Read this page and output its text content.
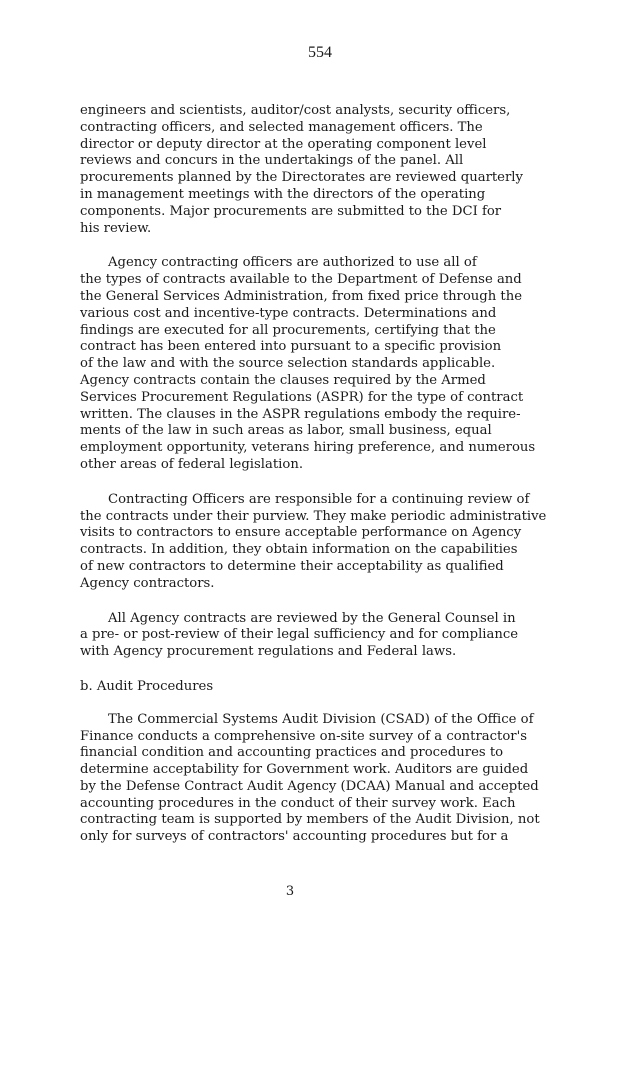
554

engineers and scientists, auditor/cost analysts, security officers,
contracting officers, and selected management officers. The
director or deputy director at the operating component level
reviews and concurs in the undertakings of the panel. All
procurements planned by the Directorates are reviewed quarterly
in management meetings with the directors of the operating
components. Major procurements are submitted to the DCI for
his review.

Agency contracting officers are authorized to use all of
the types of contracts available to the Department of Defense and
the General Services Administration, from fixed price through the
various cost and incentive-type contracts. Determinations and
findings are executed for all procurements, certifying that the
contract has been entered into pursuant to a specific provision
of the law and with the source selection standards applicable.
Agency contracts contain the clauses required by the Armed
Services Procurement Regulations (ASPR) for the type of contract
written. The clauses in the ASPR regulations embody the require-
ments of the law in such areas as labor, small business, equal
employment opportunity, veterans hiring preference, and numerous
other areas of federal legislation.

Contracting Officers are responsible for a continuing review of
the contracts under their purview. They make periodic administrative
visits to contractors to ensure acceptable performance on Agency
contracts. In addition, they obtain information on the capabilities
of new contractors to determine their acceptability as qualified
Agency contractors.

All Agency contracts are reviewed by the General Counsel in
a pre- or post-review of their legal sufficiency and for compliance
with Agency procurement regulations and Federal laws.

b. Audit Procedures

The Commercial Systems Audit Division (CSAD) of the Office of
Finance conducts a comprehensive on-site survey of a contractor's
financial condition and accounting practices and procedures to
determine acceptability for Government work. Auditors are guided
by the Defense Contract Audit Agency (DCAA) Manual and accepted
accounting procedures in the conduct of their survey work. Each
contracting team is supported by members of the Audit Division, not
only for surveys of contractors' accounting procedures but for a

3
